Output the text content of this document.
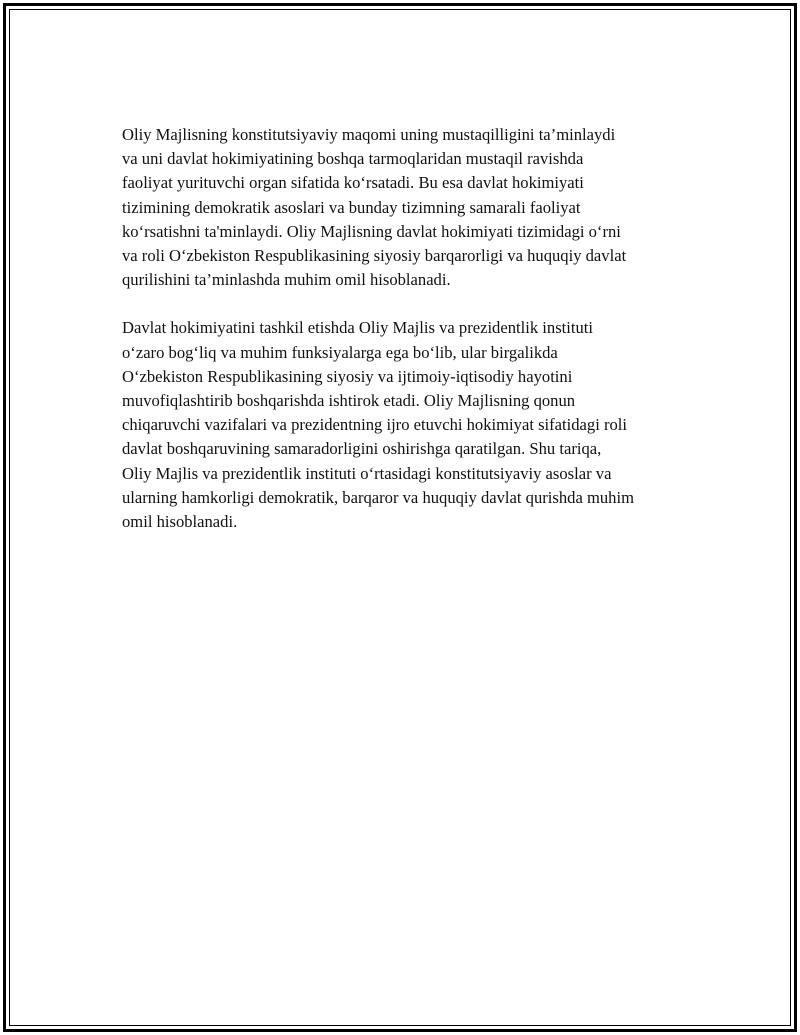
Oliy Majlisning konstitutsiyaviy maqomi uning mustaqilligini ta’minlaydi
va uni davlat hokimiyatining boshqa tarmoqlaridan mustaqil ravishda
faoliyat yurituvchi organ sifatida ko‘rsatadi. Bu esa davlat hokimiyati
tizimining demokratik asoslari va bunday tizimning samarali faoliyat
ko‘rsatishni ta'minlaydi. Oliy Majlisning davlat hokimiyati tizimidagi o‘rni
va roli O‘zbekiston Respublikasining siyosiy barqarorligi va huquqiy davlat
qurilishini ta’minlashda muhim omil hisoblanadi.

Davlat hokimiyatini tashkil etishda Oliy Majlis va prezidentlik instituti
o‘zaro bog‘liq va muhim funksiyalarga ega bo‘lib, ular birgalikda
O‘zbekiston Respublikasining siyosiy va ijtimoiy-iqtisodiy hayotini
muvofiqlashtirib boshqarishda ishtirok etadi. Oliy Majlisning qonun
chiqaruvchi vazifalari va prezidentning ijro etuvchi hokimiyat sifatidagi roli
davlat boshqaruvining samaradorligini oshirishga qaratilgan. Shu tariqa,
Oliy Majlis va prezidentlik instituti o‘rtasidagi konstitutsiyaviy asoslar va
ularning hamkorligi demokratik, barqaror va huquqiy davlat qurishda muhim
omil hisoblanadi.
